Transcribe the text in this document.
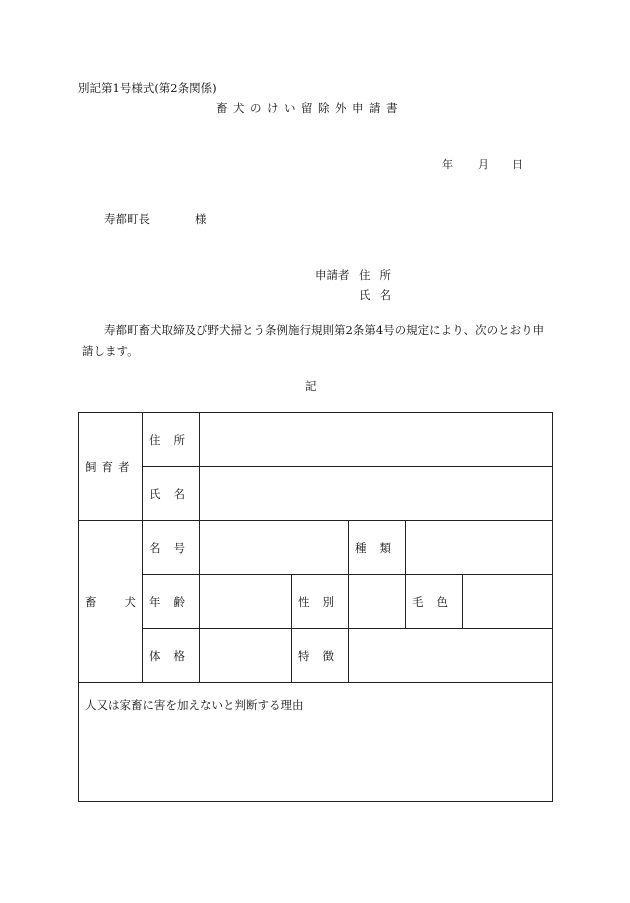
別記第1号様式(第2条関係)
畜犬のけい留除外申請書
年 月 日
寿都町長	様
申請者 住所
氏名
寿都町畜犬取締及び野犬掃とう条例施行規則第2条第4号の規定により、次のとおり申請します。
記
飼育者	住 所					

	氏 名					

畜 犬	名 号			種 類		

	年 齢		性 別		毛 色	

	体 格		特 徴			

人又は家畜に害を加えないと判断する理由						
